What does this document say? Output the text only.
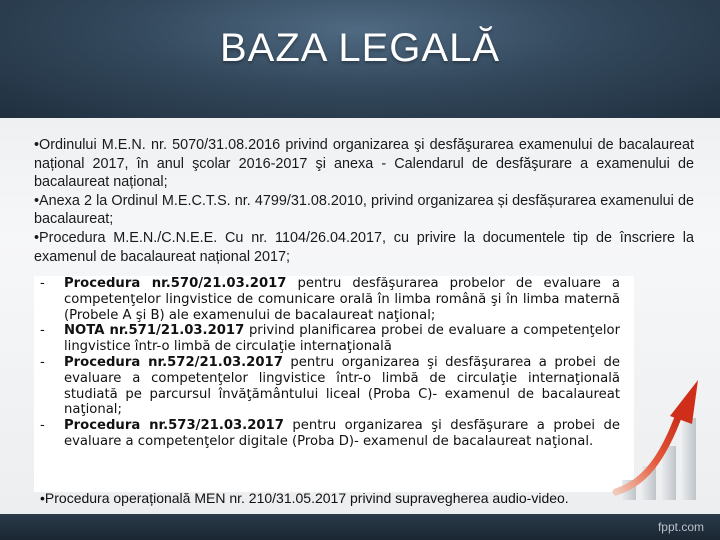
BAZA LEGALĂ

•Ordinului M.E.N. nr. 5070/31.08.2016 privind organizarea şi desfăşurarea examenului de bacalaureat național 2017, în anul şcolar 2016-2017 şi anexa - Calendarul de desfăşurare a examenului de bacalaureat național;

•Anexa 2 la Ordinul M.E.C.T.S. nr. 4799/31.08.2010, privind organizarea și desfășurarea examenului de bacalaureat;

•Procedura M.E.N./C.N.E.E. Cu nr. 1104/26.04.2017, cu privire la documentele tip de înscriere la examenul de bacalaureat național 2017;

- Procedura nr.570/21.03.2017 pentru desfăşurarea probelor de evaluare a competenţelor lingvistice de comunicare orală în limba română şi în limba maternă (Probele A şi B) ale examenului de bacalaureat naţional;
- NOTA nr.571/21.03.2017 privind planificarea probei de evaluare a competenţelor lingvistice într-o limbă de circulaţie internaţională
- Procedura nr.572/21.03.2017 pentru organizarea şi desfăşurarea a probei de evaluare a competenţelor lingvistice într-o limbă de circulaţie internaţională studiată pe parcursul învăţământului liceal (Proba C)- examenul de bacalaureat naţional;
- Procedura nr.573/21.03.2017 pentru organizarea şi desfăşurare a probei de evaluare a competenţelor digitale (Proba D)- examenul de bacalaureat naţional.
•Procedura operațională MEN nr. 210/31.05.2017 privind supravegherea audio-video.
fppt.com
